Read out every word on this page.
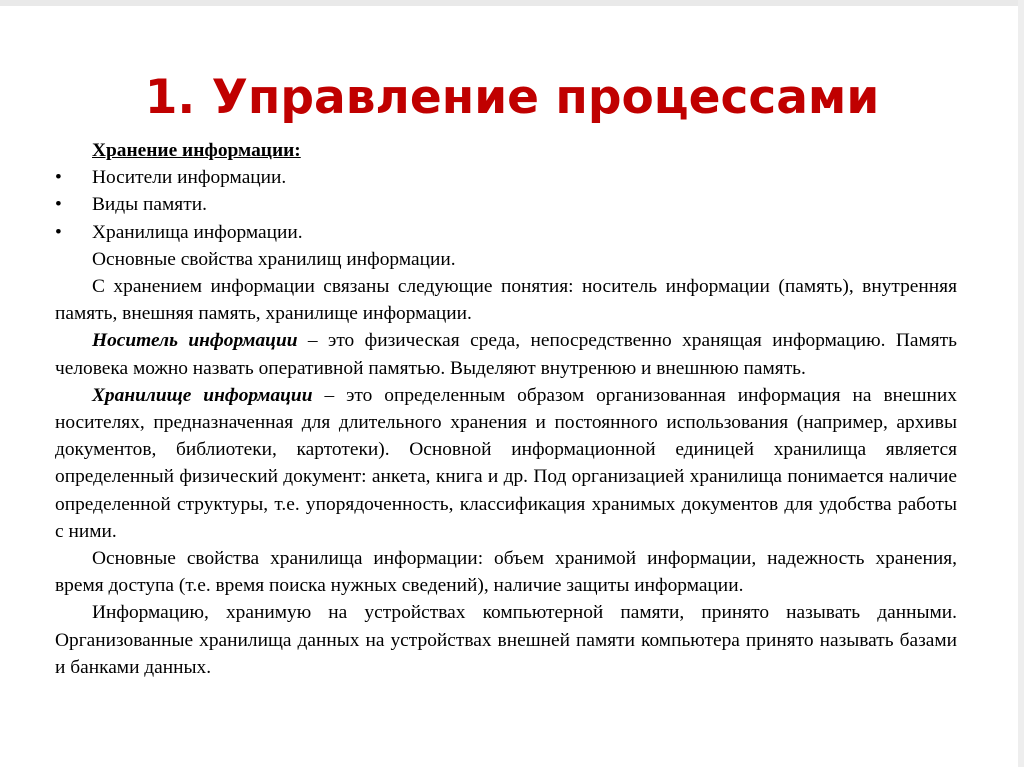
1. Управление процессами

Хранение информации:

• Носители информации.
• Виды памяти.
• Хранилища информации.

Основные свойства хранилищ информации.

С хранением информации связаны следующие понятия: носитель информации (память), внутренняя память, внешняя память, хранилище информации.

Носитель информации – это физическая среда, непосредственно хранящая информацию. Память человека можно назвать оперативной памятью. Выделяют внутренюю и внешнюю память.

Хранилище информации – это определенным образом организованная информация на внешних носителях, предназначенная для длительного хранения и постоянного использования (например, архивы документов, библиотеки, картотеки). Основной информационной единицей хранилища является определенный физический документ: анкета, книга и др. Под организацией хранилища понимается наличие определенной структуры, т.е. упорядоченность, классификация хранимых документов для удобства работы с ними.

Основные свойства хранилища информации: объем хранимой информации, надежность хранения, время доступа (т.е. время поиска нужных сведений), наличие защиты информации.

Информацию, хранимую на устройствах компьютерной памяти, принято называть данными. Организованные хранилища данных на устройствах внешней памяти компьютера принято называть базами и банками данных.
